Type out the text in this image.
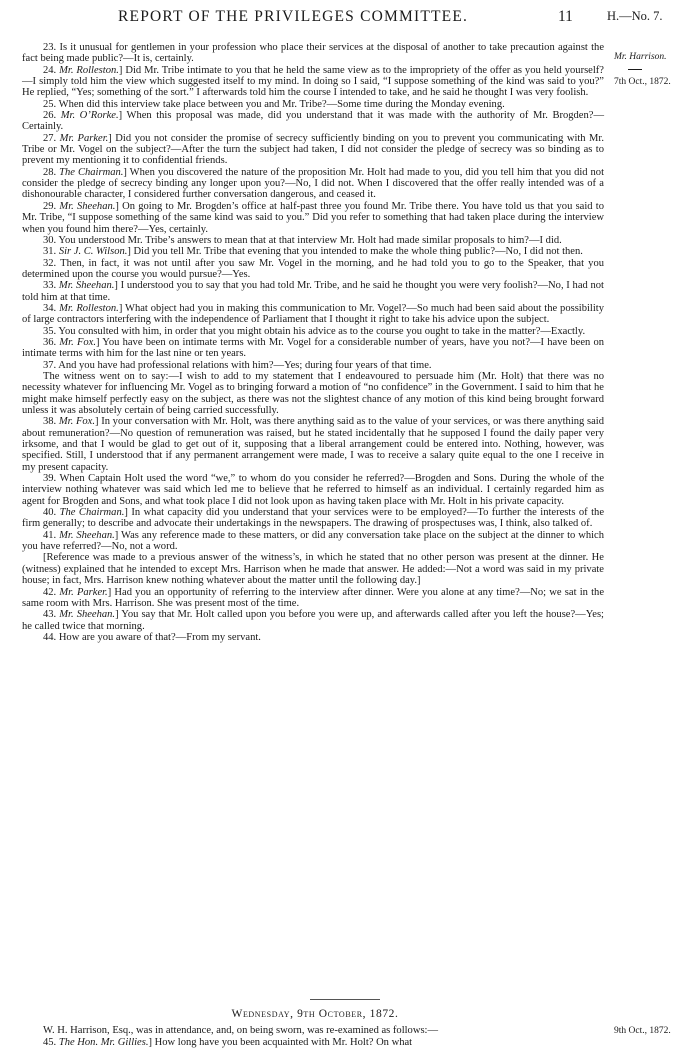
REPORT OF THE PRIVILEGES COMMITTEE.	11	H.—No. 7.
Mr. Harrison.
7th Oct., 1872.

23. Is it unusual for gentlemen in your profession who place their services at the disposal of another to take precaution against the fact being made public?—It is, certainly.

24. Mr. Rolleston.] Did Mr. Tribe intimate to you that he held the same view as to the impropriety of the offer as you held yourself?—I simply told him the view which suggested itself to my mind. In doing so I said, “I suppose something of the kind was said to you?” He replied, “Yes; something of the sort.” I afterwards told him the course I intended to take, and he said he thought I was very foolish.

25. When did this interview take place between you and Mr. Tribe?—Some time during the Monday evening.

26. Mr. O’Rorke.] When this proposal was made, did you understand that it was made with the authority of Mr. Brogden?—Certainly.

27. Mr. Parker.] Did you not consider the promise of secrecy sufficiently binding on you to prevent you communicating with Mr. Tribe or Mr. Vogel on the subject?—After the turn the subject had taken, I did not consider the pledge of secrecy was so binding as to prevent my mentioning it to confidential friends.

28. The Chairman.] When you discovered the nature of the proposition Mr. Holt had made to you, did you tell him that you did not consider the pledge of secrecy binding any longer upon you?—No, I did not. When I discovered that the offer really intended was of a dishonourable character, I considered further conversation dangerous, and ceased it.

29. Mr. Sheehan.] On going to Mr. Brogden’s office at half-past three you found Mr. Tribe there. You have told us that you said to Mr. Tribe, “I suppose something of the same kind was said to you.” Did you refer to something that had taken place during the interview when you found him there?—Yes, certainly.

30. You understood Mr. Tribe’s answers to mean that at that interview Mr. Holt had made similar proposals to him?—I did.

31. Sir J. C. Wilson.] Did you tell Mr. Tribe that evening that you intended to make the whole thing public?—No, I did not then.

32. Then, in fact, it was not until after you saw Mr. Vogel in the morning, and he had told you to go to the Speaker, that you determined upon the course you would pursue?—Yes.

33. Mr. Sheehan.] I understood you to say that you had told Mr. Tribe, and he said he thought you were very foolish?—No, I had not told him at that time.

34. Mr. Rolleston.] What object had you in making this communication to Mr. Vogel?—So much had been said about the possibility of large contractors interfering with the independence of Parliament that I thought it right to take his advice upon the subject.

35. You consulted with him, in order that you might obtain his advice as to the course you ought to take in the matter?—Exactly.

36. Mr. Fox.] You have been on intimate terms with Mr. Vogel for a considerable number of years, have you not?—I have been on intimate terms with him for the last nine or ten years.

37. And you have had professional relations with him?—Yes; during four years of that time.

The witness went on to say:—I wish to add to my statement that I endeavoured to persuade him (Mr. Holt) that there was no necessity whatever for influencing Mr. Vogel as to bringing forward a motion of “no confidence” in the Government. I said to him that he might make himself perfectly easy on the subject, as there was not the slightest chance of any motion of this kind being brought forward unless it was absolutely certain of being carried successfully.

38. Mr. Fox.] In your conversation with Mr. Holt, was there anything said as to the value of your services, or was there anything said about remuneration?—No question of remuneration was raised, but he stated incidentally that he supposed I found the daily paper very irksome, and that I would be glad to get out of it, supposing that a liberal arrangement could be entered into. Nothing, however, was specified. Still, I understood that if any permanent arrangement were made, I was to receive a salary quite equal to the one I receive in my present capacity.

39. When Captain Holt used the word “we,” to whom do you consider he referred?—Brogden and Sons. During the whole of the interview nothing whatever was said which led me to believe that he referred to himself as an individual. I certainly regarded him as agent for Brogden and Sons, and what took place I did not look upon as having taken place with Mr. Holt in his private capacity.

40. The Chairman.] In what capacity did you understand that your services were to be employed?—To further the interests of the firm generally; to describe and advocate their undertakings in the newspapers. The drawing of prospectuses was, I think, also talked of.

41. Mr. Sheehan.] Was any reference made to these matters, or did any conversation take place on the subject at the dinner to which you have referred?—No, not a word.

[Reference was made to a previous answer of the witness’s, in which he stated that no other person was present at the dinner. He (witness) explained that he intended to except Mrs. Harrison when he made that answer. He added:—Not a word was said in my private house; in fact, Mrs. Harrison knew nothing whatever about the matter until the following day.]

42. Mr. Parker.] Had you an opportunity of referring to the interview after dinner. Were you alone at any time?—No; we sat in the same room with Mrs. Harrison. She was present most of the time.

43. Mr. Sheehan.] You say that Mr. Holt called upon you before you were up, and afterwards called after you left the house?—Yes; he called twice that morning.

44. How are you aware of that?—From my servant.

Wednesday, 9th October, 1872.

W. H. Harrison, Esq., was in attendance, and, on being sworn, was re-examined as follows:—

45. The Hon. Mr. Gillies.] How long have you been acquainted with Mr. Holt? On what

9th Oct., 1872.
